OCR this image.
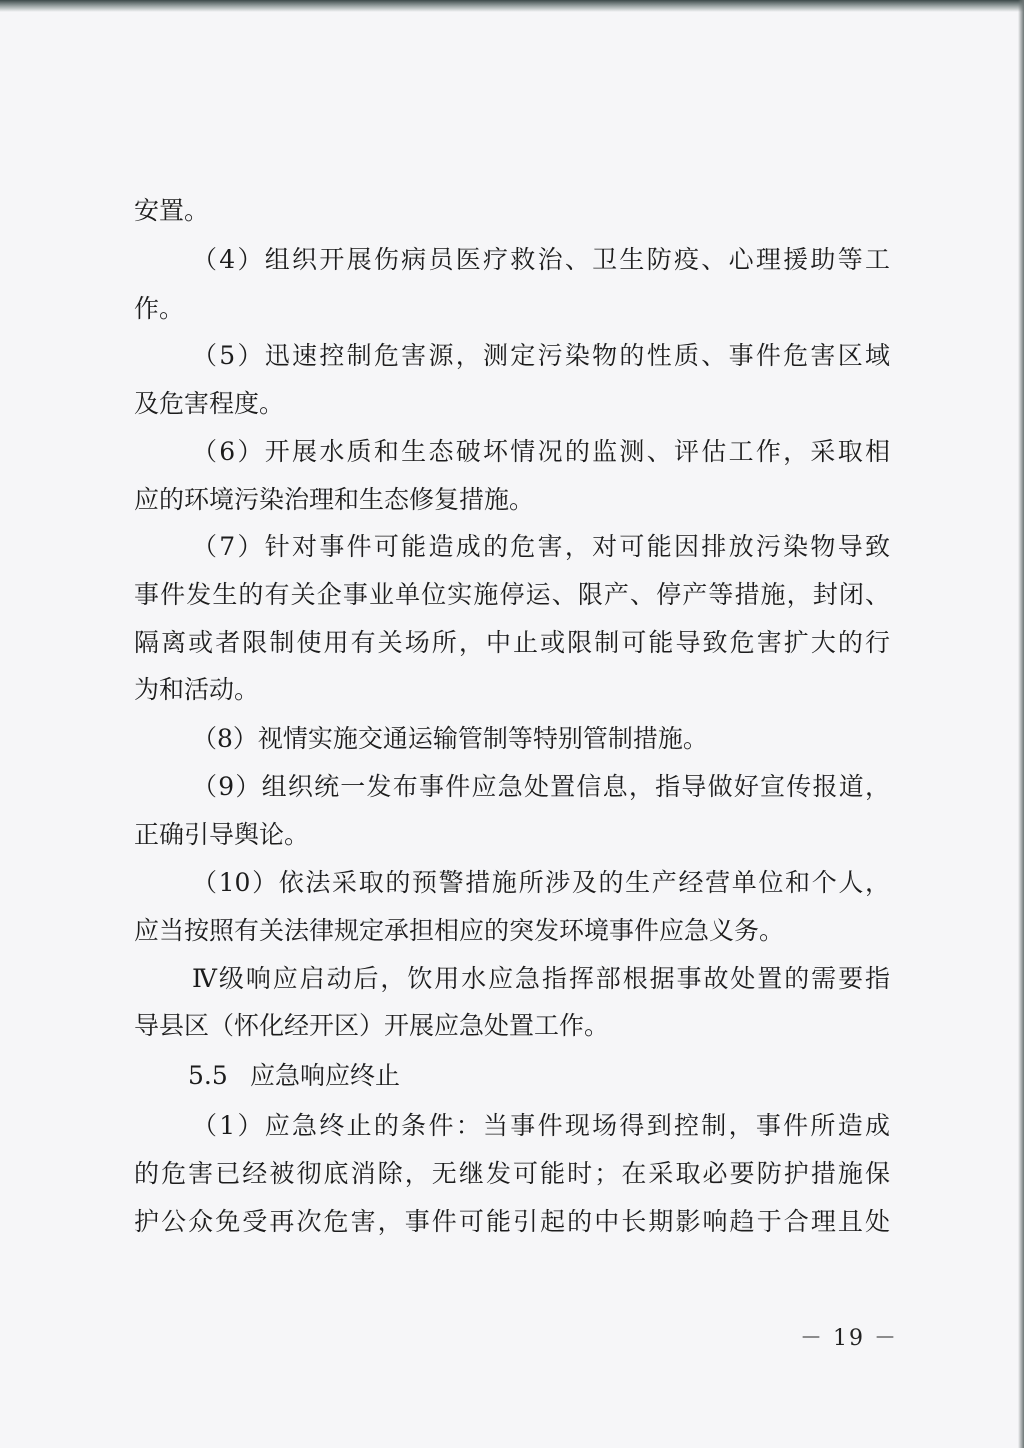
安置。
（4）组织开展伤病员医疗救治、卫生防疫、心理援助等工
作。
（5）迅速控制危害源，测定污染物的性质、事件危害区域
及危害程度。
（6）开展水质和生态破坏情况的监测、评估工作，采取相
应的环境污染治理和生态修复措施。
（7）针对事件可能造成的危害，对可能因排放污染物导致
事件发生的有关企事业单位实施停运、限产、停产等措施，封闭、
隔离或者限制使用有关场所，中止或限制可能导致危害扩大的行
为和活动。
（8）视情实施交通运输管制等特别管制措施。
（9）组织统一发布事件应急处置信息，指导做好宣传报道，
正确引导舆论。
（10）依法采取的预警措施所涉及的生产经营单位和个人，
应当按照有关法律规定承担相应的突发环境事件应急义务。
Ⅳ级响应启动后，饮用水应急指挥部根据事故处置的需要指
导县区（怀化经开区）开展应急处置工作。
5.5 应急响应终止
（1）应急终止的条件：当事件现场得到控制，事件所造成
的危害已经被彻底消除，无继发可能时；在采取必要防护措施保
护公众免受再次危害，事件可能引起的中长期影响趋于合理且处
－ 19 －
